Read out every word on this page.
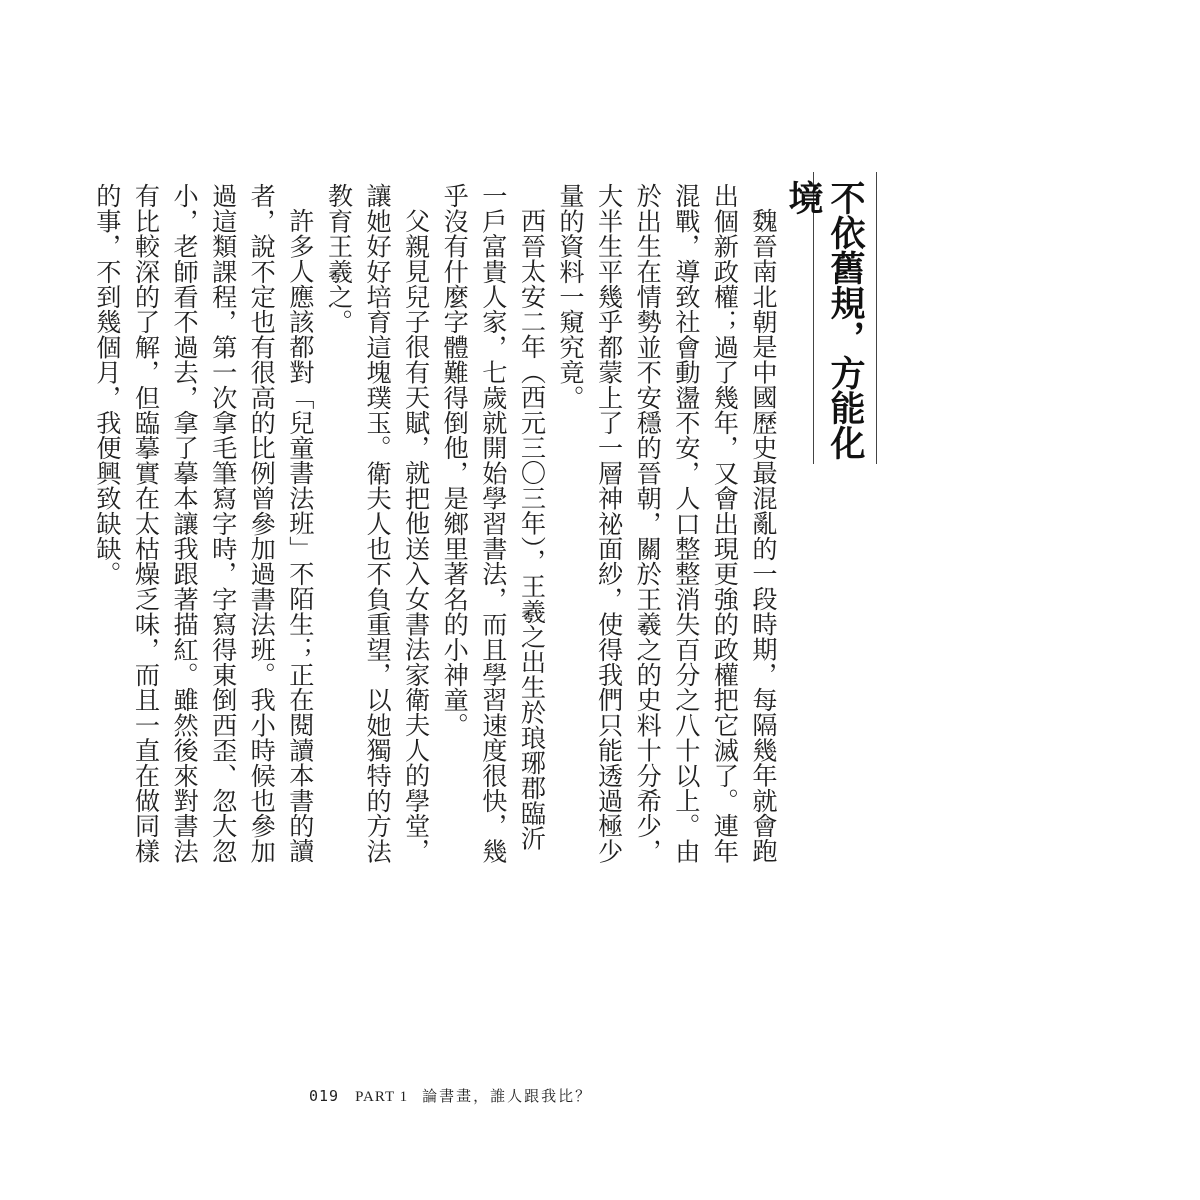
不依舊規，方能化境

魏晉南北朝是中國歷史最混亂的一段時期，每隔幾年就會跑出個新政權；過了幾年，又會出現更強的政權把它滅了。連年混戰，導致社會動盪不安，人口整整消失百分之八十以上。由於出生在情勢並不安穩的晉朝，關於王羲之的史料十分希少，大半生平幾乎都蒙上了一層神祕面紗，使得我們只能透過極少量的資料一窺究竟。

西晉太安二年（西元三〇三年），王羲之出生於琅琊郡臨沂一戶富貴人家，七歲就開始學習書法，而且學習速度很快，幾乎沒有什麼字體難得倒他，是鄉里著名的小神童。

父親見兒子很有天賦，就把他送入女書法家衛夫人的學堂，讓她好好培育這塊璞玉。衛夫人也不負重望，以她獨特的方法教育王羲之。

許多人應該都對「兒童書法班」不陌生；正在閱讀本書的讀者，說不定也有很高的比例曾參加過書法班。我小時候也參加過這類課程，第一次拿毛筆寫字時，字寫得東倒西歪、忽大忽小，老師看不過去，拿了摹本讓我跟著描紅。雖然後來對書法有比較深的了解，但臨摹實在太枯燥乏味，而且一直在做同樣的事，不到幾個月，我便興致缺缺。

019 PART 1 論書畫，誰人跟我比？
